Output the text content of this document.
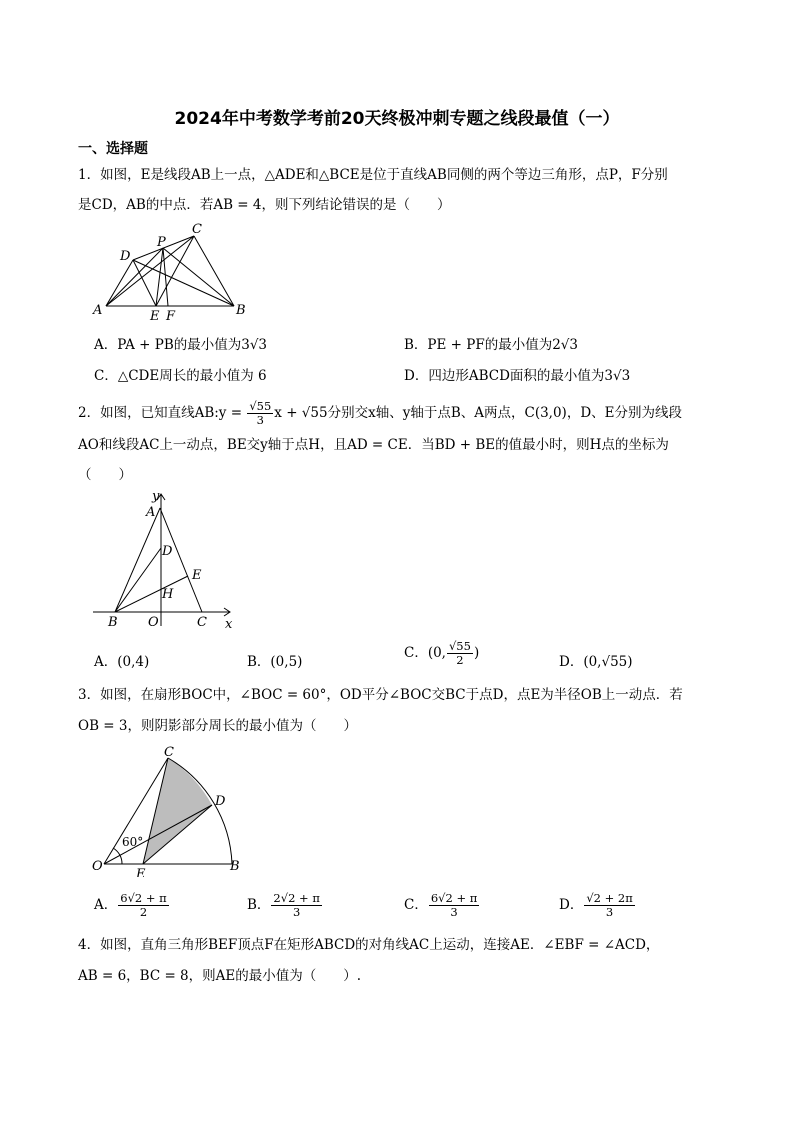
2024年中考数学考前20天终极冲刺专题之线段最值（一）
一、选择题
1．如图，E是线段AB上一点，△ADE和△BCE是位于直线AB同侧的两个等边三角形，点P，F分别
是CD，AB的中点．若AB = 4，则下列结论错误的是（　　）
A	B
C
D
E F
P
A．PA + PB的最小值为3√3	B．PE + PF的最小值为2√3
C．△CDE周长的最小值为 6	D．四边形ABCD面积的最小值为3√3
2．如图，已知直线AB:y = $\frac{√55}{3}$ x + √55分别交x轴、y轴于点B、A两点，C(3,0)，D、E分别为线段
AO和线段AC上一动点，BE交y轴于点H，且AD = CE．当BD + BE的值最小时，则H点的坐标为
（　　）
y
A
D
E
H
B O	C x
A．(0,4)	B．(0,5)
C．(0, $\frac{√55}{2}$ )
D．(0,√55)
3．如图，在扇形BOC中，∠BOC = 60°，OD平分∠BOC交BC于点D，点E为半径OB上一动点．若
OB = 3，则阴影部分周长的最小值为（　　）
C
D
O
E
B
60°
A． $\frac{6√2 + \pi}{2}$	B． $\frac{2√2 + \pi}{3}$	C． $\frac{6√2 + \pi}{3}$	D． $\frac{√2 + 2\pi}{3}$
4．如图，直角三角形BEF顶点F在矩形ABCD的对角线AC上运动，连接AE．∠EBF = ∠ACD，
AB = 6，BC = 8，则AE的最小值为（　　）.
